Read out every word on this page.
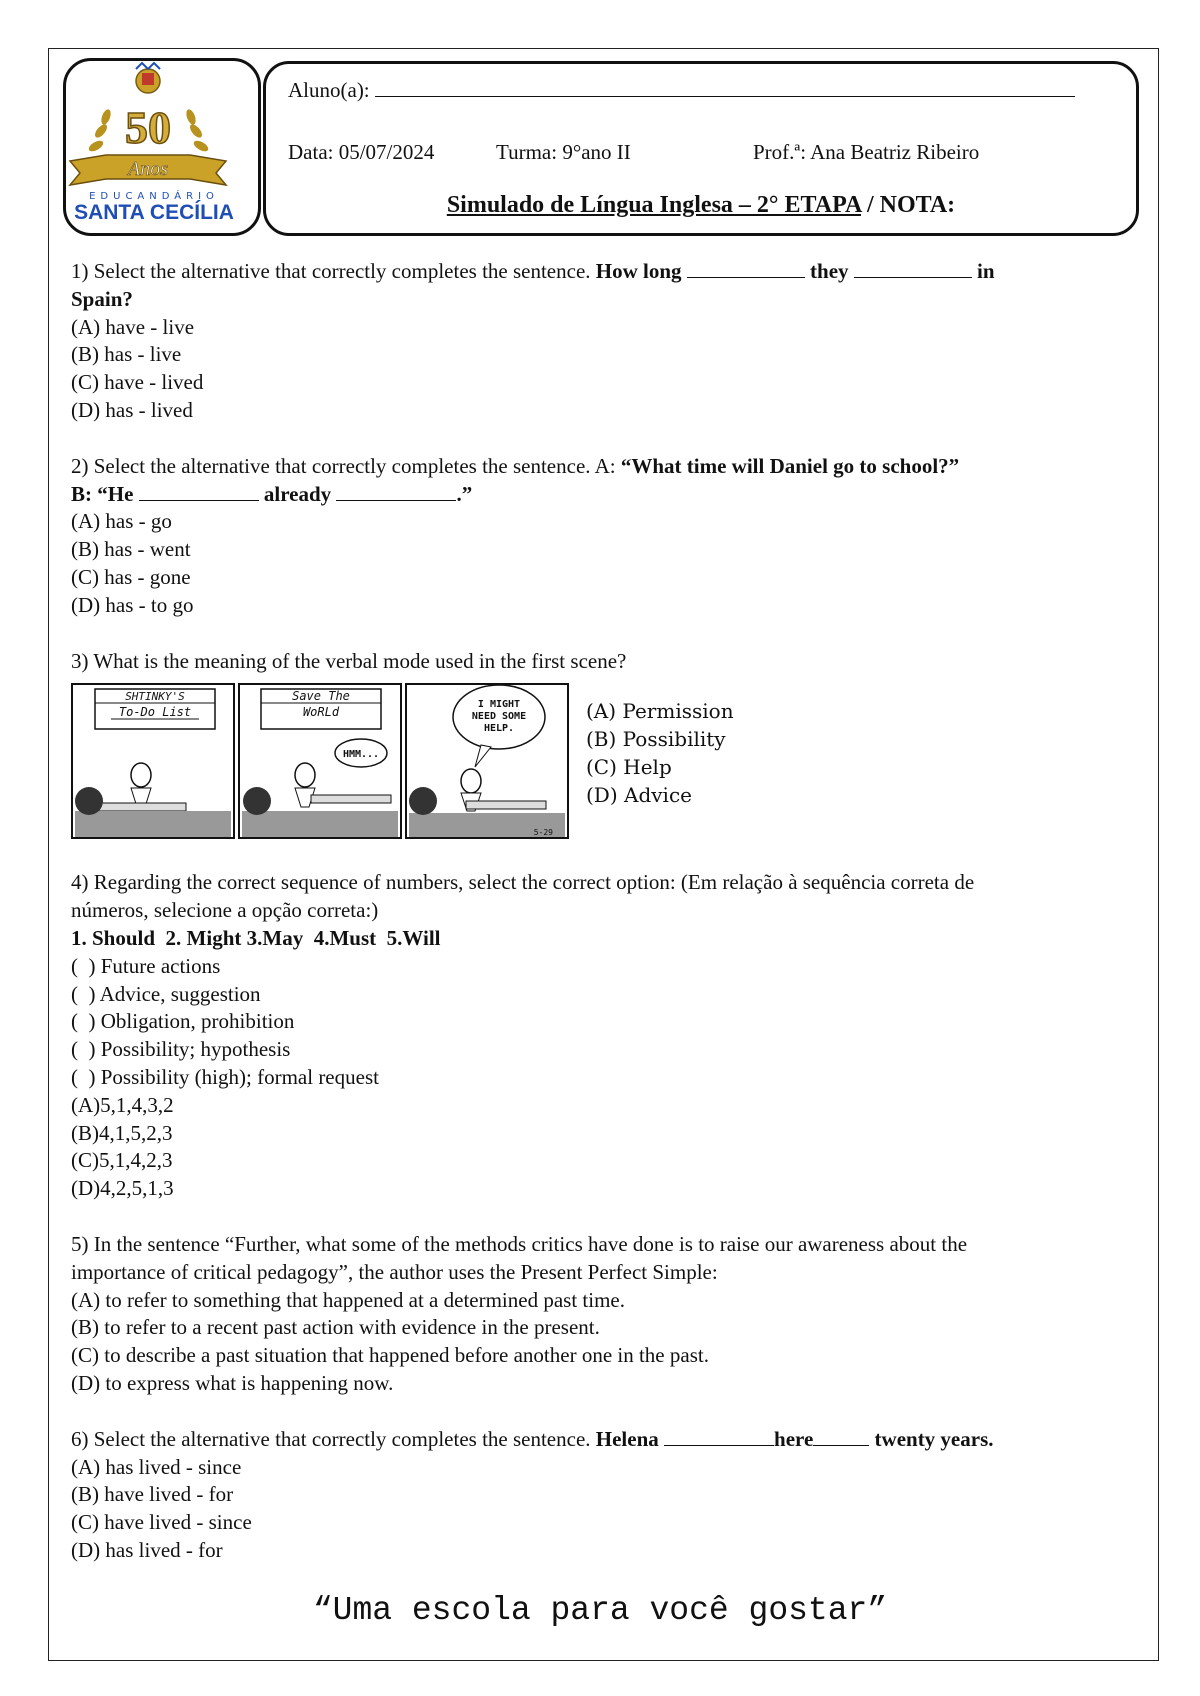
50
Anos
EDUCANDÁRIO
SANTA CECÍLIA
Aluno(a):
Data: 05/07/2024	Turma: 9°ano II	Prof.ª: Ana Beatriz Ribeiro
Simulado de Língua Inglesa – 2° ETAPA / NOTA:

1) Select the alternative that correctly completes the sentence. How long	they	in

Spain?

(A) have - live

(B) has - live

(C) have - lived

(D) has - lived

2) Select the alternative that correctly completes the sentence. A: “What time will Daniel go to school?”

B: “He	already	.”

(A) has - go

(B) has - went

(C) has - gone

(D) has - to go

3) What is the meaning of the verbal mode used in the first scene?

SHTINKY'S
To-Do List
Save The
WoRLd
HMM...
I MIGHT
NEED SOME
HELP.
5-29
(A) Permission
(B) Possibility
(C) Help
(D) Advice

4) Regarding the correct sequence of numbers, select the correct option: (Em relação à sequência correta de

números, selecione a opção correta:)

1. Should  2. Might 3.May  4.Must  5.Will

(  ) Future actions

(  ) Advice, suggestion

(  ) Obligation, prohibition

(  ) Possibility; hypothesis

(  ) Possibility (high); formal request

(A)5,1,4,3,2

(B)4,1,5,2,3

(C)5,1,4,2,3

(D)4,2,5,1,3

5) In the sentence “Further, what some of the methods critics have done is to raise our awareness about the

importance of critical pedagogy”, the author uses the Present Perfect Simple:

(A) to refer to something that happened at a determined past time.

(B) to refer to a recent past action with evidence in the present.

(C) to describe a past situation that happened before another one in the past.

(D) to express what is happening now.

6) Select the alternative that correctly completes the sentence. Helena	here	twenty years.

(A) has lived - since

(B) have lived - for

(C) have lived - since

(D) has lived - for

“Uma escola para você gostar”
